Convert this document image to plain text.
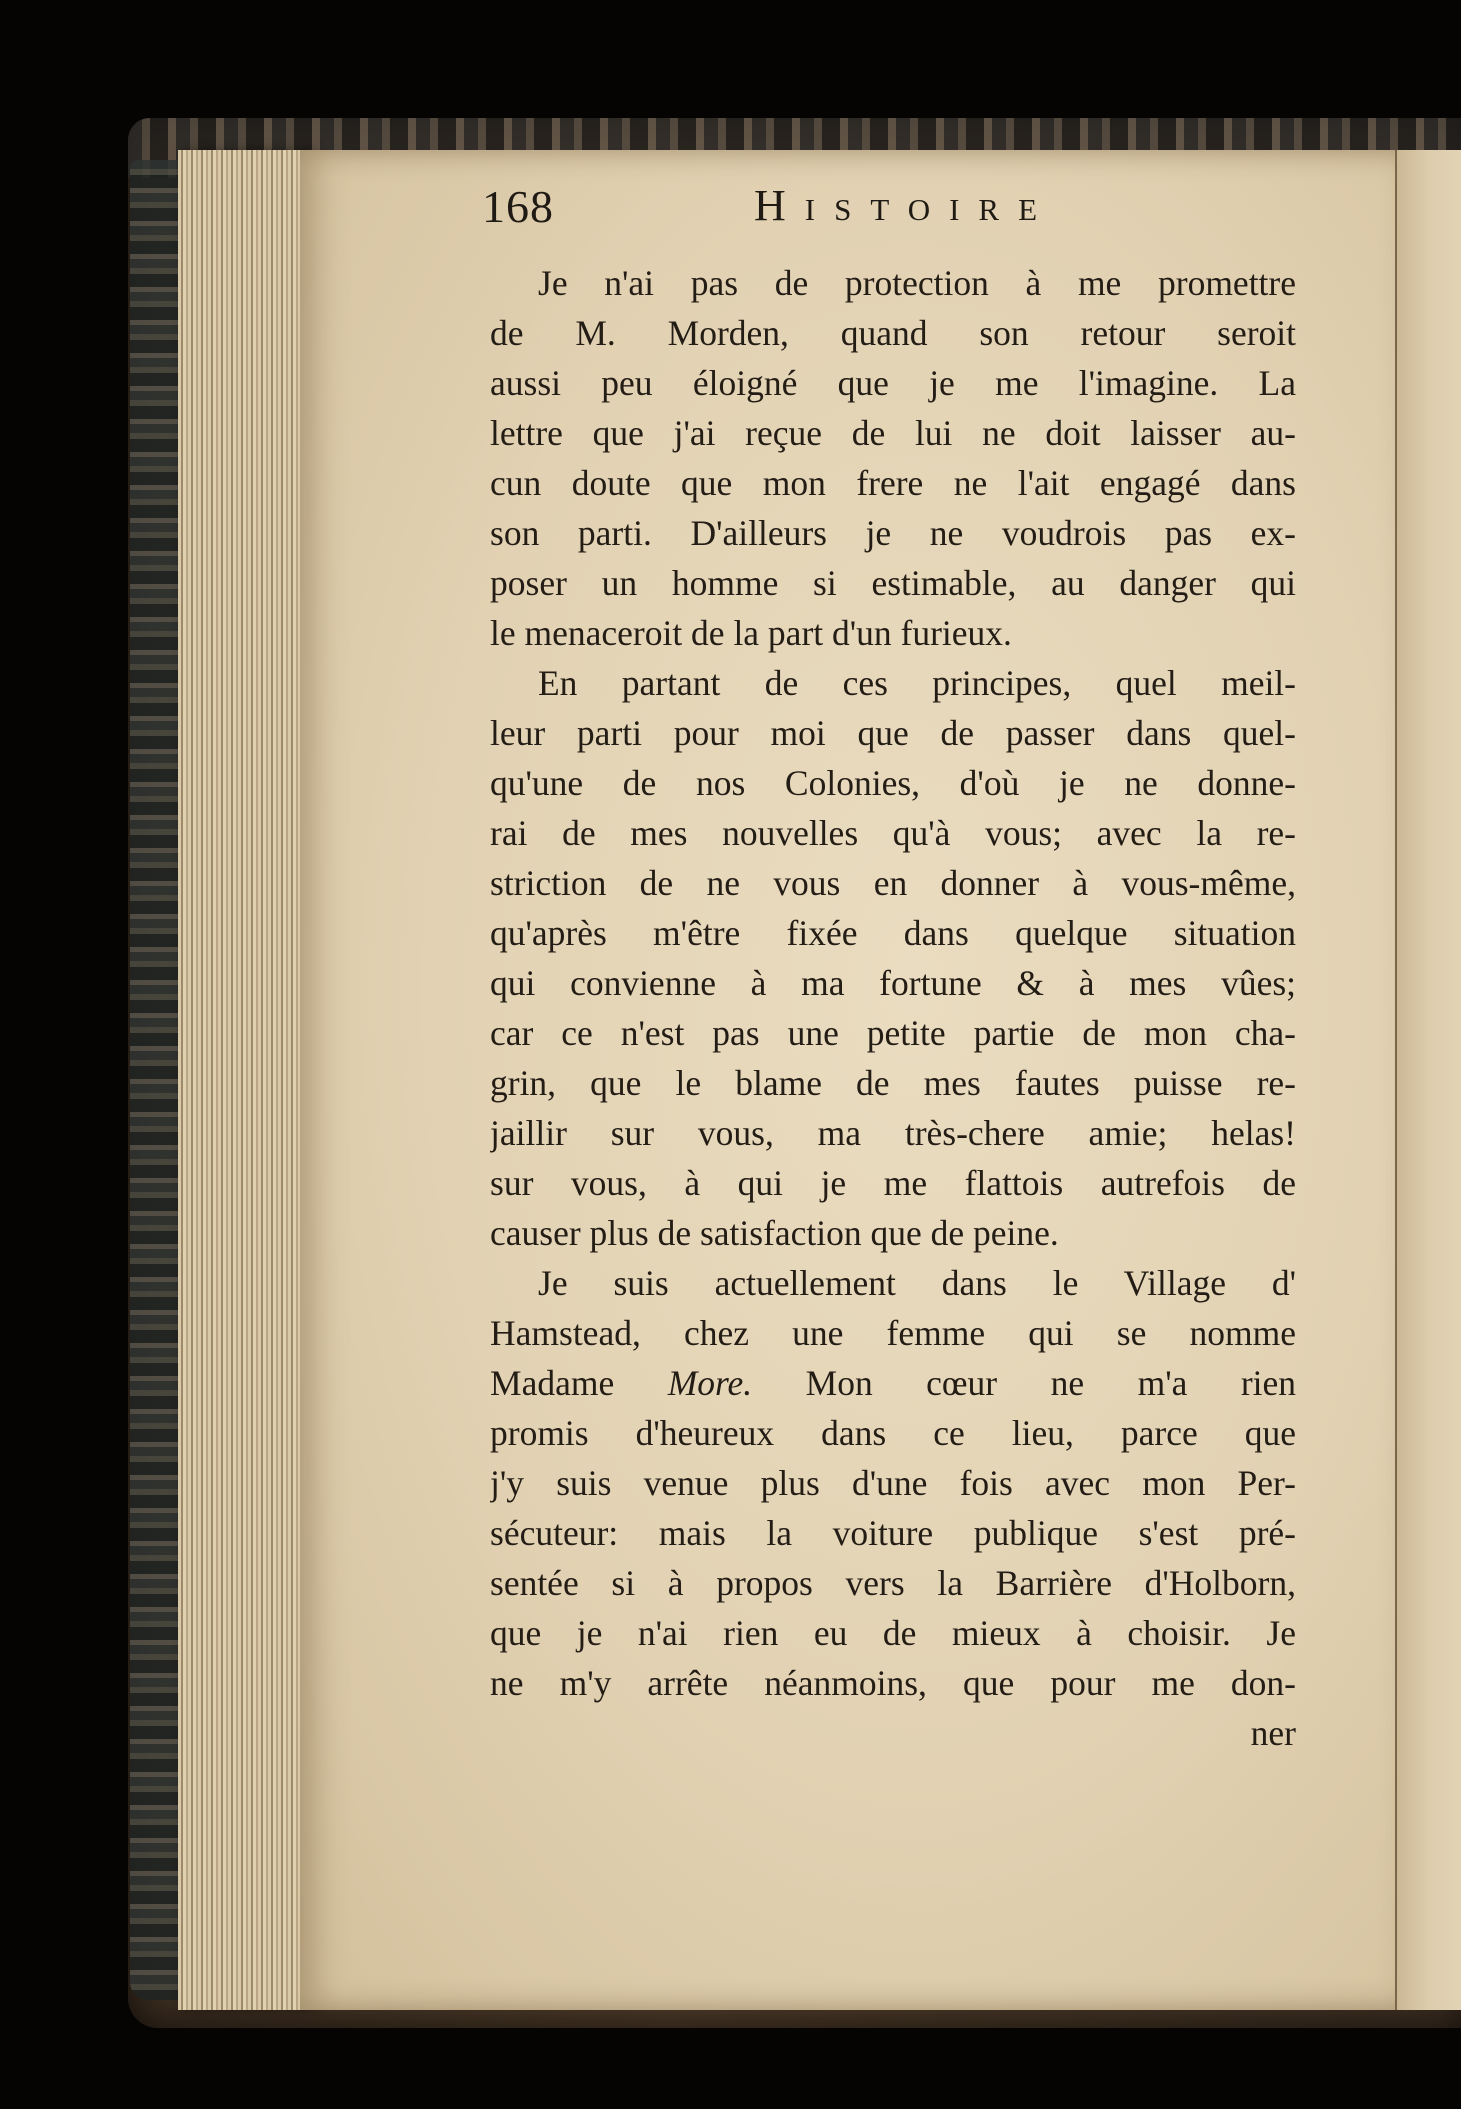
168	Histoire
Je n'ai pas de protection à me promettre
de M. Morden, quand son retour seroit
aussi peu éloigné que je me l'imagine. La
lettre que j'ai reçue de lui ne doit laisser au-
cun doute que mon frere ne l'ait engagé dans
son parti. D'ailleurs je ne voudrois pas ex-
poser un homme si estimable, au danger qui
le menaceroit de la part d'un furieux.
En partant de ces principes, quel meil-
leur parti pour moi que de passer dans quel-
qu'une de nos Colonies, d'où je ne donne-
rai de mes nouvelles qu'à vous; avec la re-
striction de ne vous en donner à vous-même,
qu'après m'être fixée dans quelque situation
qui convienne à ma fortune & à mes vûes;
car ce n'est pas une petite partie de mon cha-
grin, que le blame de mes fautes puisse re-
jaillir sur vous, ma très-chere amie; helas!
sur vous, à qui je me flattois autrefois de
causer plus de satisfaction que de peine.
Je suis actuellement dans le Village d'
Hamstead, chez une femme qui se nomme
Madame More. Mon cœur ne m'a rien
promis d'heureux dans ce lieu, parce que
j'y suis venue plus d'une fois avec mon Per-
sécuteur: mais la voiture publique s'est pré-
sentée si à propos vers la Barrière d'Holborn,
que je n'ai rien eu de mieux à choisir. Je
ne m'y arrête néanmoins, que pour me don-
ner
